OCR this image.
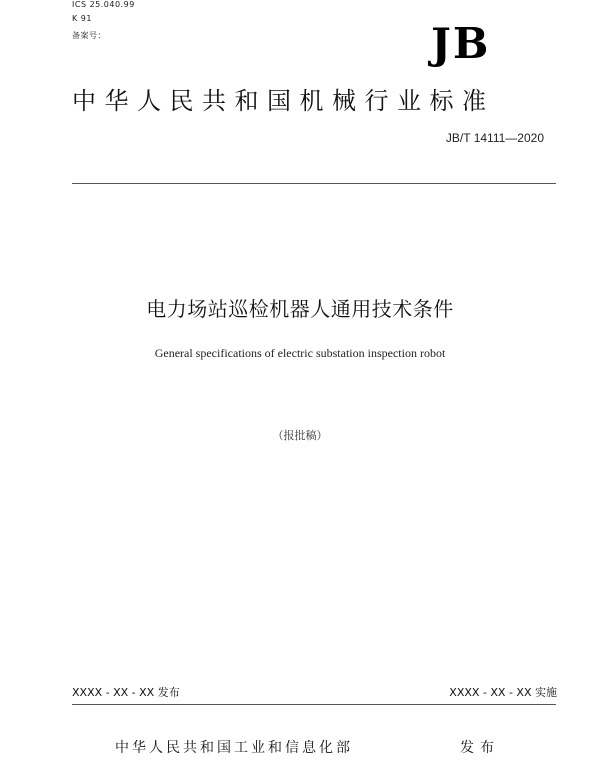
ICS 25.040.99
K 91
备案号：	JB
中华人民共和国机械行业标准
JB/T 14111—2020
电力场站巡检机器人通用技术条件
General specifications of electric substation inspection robot
（报批稿）
XXXX - XX - XX 发布	XXXX - XX - XX 实施
中华人民共和国工业和信息化部	发布
